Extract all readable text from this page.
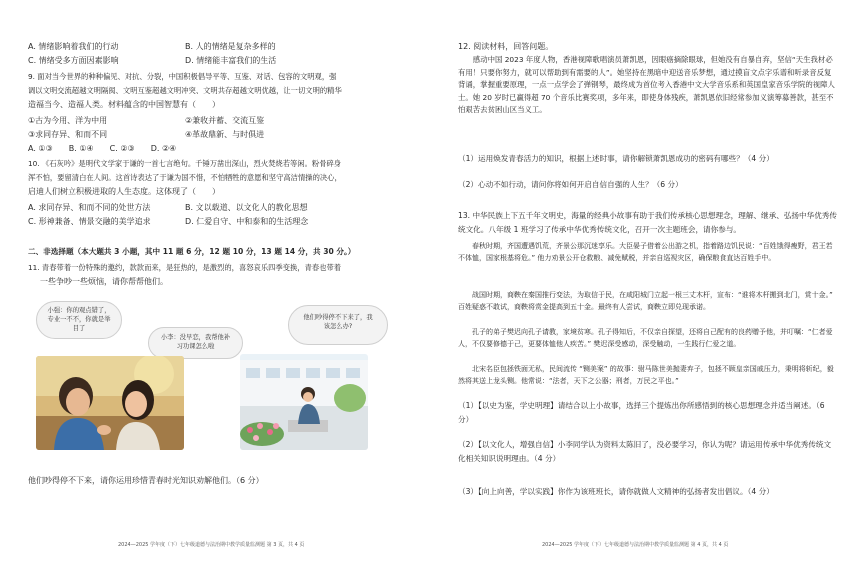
A. 情绪影响着我们的行动	B. 人的情绪是复杂多样的
C. 情绪受多方面因素影响	D. 情绪能丰富我们的生活
9. 面对当今世界的种种偏见、对抗、分裂，中国积极倡导平等、互鉴、对话、包容的文明观，强
调以文明交流超越文明隔阂、文明互鉴超越文明冲突、文明共存超越文明优越，让一切文明的精华
造福当今、造福人类。材料蕴含的中国智慧有（　　）
①古为今用、洋为中用	②兼收并蓄、交流互鉴
③求同存异、和而不同	④革故鼎新、与时俱进
A. ①③　　B. ①④　　C. ②③　　D. ②④
10. 《石灰吟》是明代文学家于谦的一首七言绝句。千锤万凿出深山，烈火焚烧若等闲。粉骨碎身
浑不怕，要留清白在人间。这首诗表达了于谦为国不惜，不怕牺牲的意愿和坚守高洁情操的决心，
启迪人们树立积极进取的人生态度。这体现了（　　）
A. 求同存异、和而不同的处世方法	B. 文以载道、以文化人的教化思想
C. 形神兼备、情景交融的美学追求	D. 仁爱自守、中和泰和的生活理念
二、非选择题（本大题共 3 小题，其中 11 题 6 分，12 题 10 分，13 题 14 分，共 30 分。）
11. 青春带着一份特殊的邀约，款款而来，是狂热的，是激烈的，喜怒哀乐四季变换，青春也带着
一些争吵一些烦恼，请你帮帮他们。
小强：你的观点错了，专业一不不，你就是举目了
小李：没早恋，我帮他补习功课怎么啦
他们吵得停不下来了，我该怎么办?
他们吵得停不下来，请你运用珍惜青春时光知识劝解他们。（6 分）
2024—2025 学年度（下）七年级道德与法治期中教学质量监测题 第 3 页，共 4 页
12. 阅读材料，回答问题。
感动中国 2023 年度人物，香港视障歌唱演员萧凯恩，因眼癌摘除眼球，但她没有自暴自弃，坚信“天生我材必有用！只要你努力，就可以帮助到有需要的人”。她坚持在黑暗中迎送音乐梦想，通过摸盲文点字乐谱和听录音反复背诵，掌握重要原理，一点一点学会了弹钢琴，最终成为首位考入香港中文大学音乐系和英国皇家音乐学院的视障人士。她 20 岁时已赢得超 70 个音乐比赛奖项，多年来，即使身体残疾，萧凯恩依旧经常参加义演筹募善款，甚至不怕艰苦去贫困山区当义工。
（1）运用焕发青春活力的知识，根据上述时事，请你解锁萧凯恩成功的密码有哪些？（4 分）
（2）心动不如行动，请问你将如何开启自信自强的人生？（6 分）
13. 中华民族上下五千年文明史，海量的经典小故事有助于我们传承核心思想理念，理解、继承、弘扬中华优秀传统文化。八年级 1 班学习了传承中华优秀传统文化，召开一次主题班会，请你参与。
春秋时期，齐国遭遇饥荒，齐景公那沉迷享乐。大臣晏子借着公出游之机，指着路边饥民说：“百姓饿得瘦野，君王若不体恤，国家根基将危。” 他力劝景公开仓救粮、减免赋税，并亲自巡视灾区，确保粮食直达百姓手中。
战国时期，商鞅在秦国推行变法，为取信于民，在咸阳城门立起一根三丈木杆，宣布：“谁将木杆搬到北门，赏十金。” 百姓疑惑不敢试，商鞅将赏金提高到五十金。最终有人尝试，商鞅立即兑现承诺。
孔子的弟子樊迟向孔子请教，家境贫寒。孔子得知后，不仅亲自探望，还将自己配有的良药赠予他，并叮嘱：“仁者爱人，不仅要修德于己，更要体恤他人疾苦。” 樊迟深受感动，深受触动，一生践行仁爱之道。
北宋名臣包拯铁面无私，民间流传 “铡美案” 的故事：驸马陈世美抛妻弃子，包拯不顾皇亲国戚压力，秉明将斩纪，毅然将其送上龙头铡。他常说：“法者，天下之公器；刑者，万民之平也。”
（1）【以史为鉴，学史明理】请结合以上小故事，选择三个提炼出你所感悟到的核心思想理念并适当阐述。（6 分）
（2）【以文化人，增强自信】小李同学认为资料太陈旧了，没必要学习，你认为呢？请运用传承中华优秀传统文化相关知识说明理由。（4 分）
（3）【向上向善，学以实践】你作为该班班长，请你就做人文精神的弘扬者发出倡议。（4 分）
2024—2025 学年度（下）七年级道德与法治期中教学质量监测题 第 4 页，共 4 页
